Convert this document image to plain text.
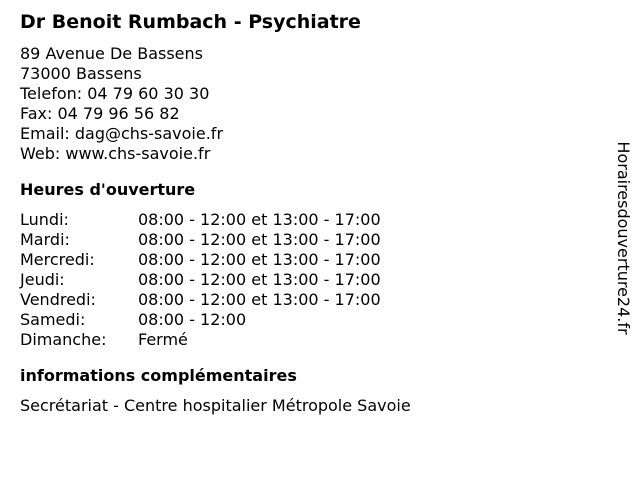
Dr Benoit Rumbach - Psychiatre
89 Avenue De Bassens
73000 Bassens
Telefon: 04 79 60 30 30
Fax: 04 79 96 56 82
Email: dag@chs-savoie.fr
Web: www.chs-savoie.fr
Heures d'ouverture
Lundi:	08:00 - 12:00 et 13:00 - 17:00
Mardi:	08:00 - 12:00 et 13:00 - 17:00
Mercredi:	08:00 - 12:00 et 13:00 - 17:00
Jeudi:	08:00 - 12:00 et 13:00 - 17:00
Vendredi:	08:00 - 12:00 et 13:00 - 17:00
Samedi:	08:00 - 12:00
Dimanche:	Fermé
informations complémentaires
Secrétariat - Centre hospitalier Métropole Savoie
Horairesdouverture24.fr
